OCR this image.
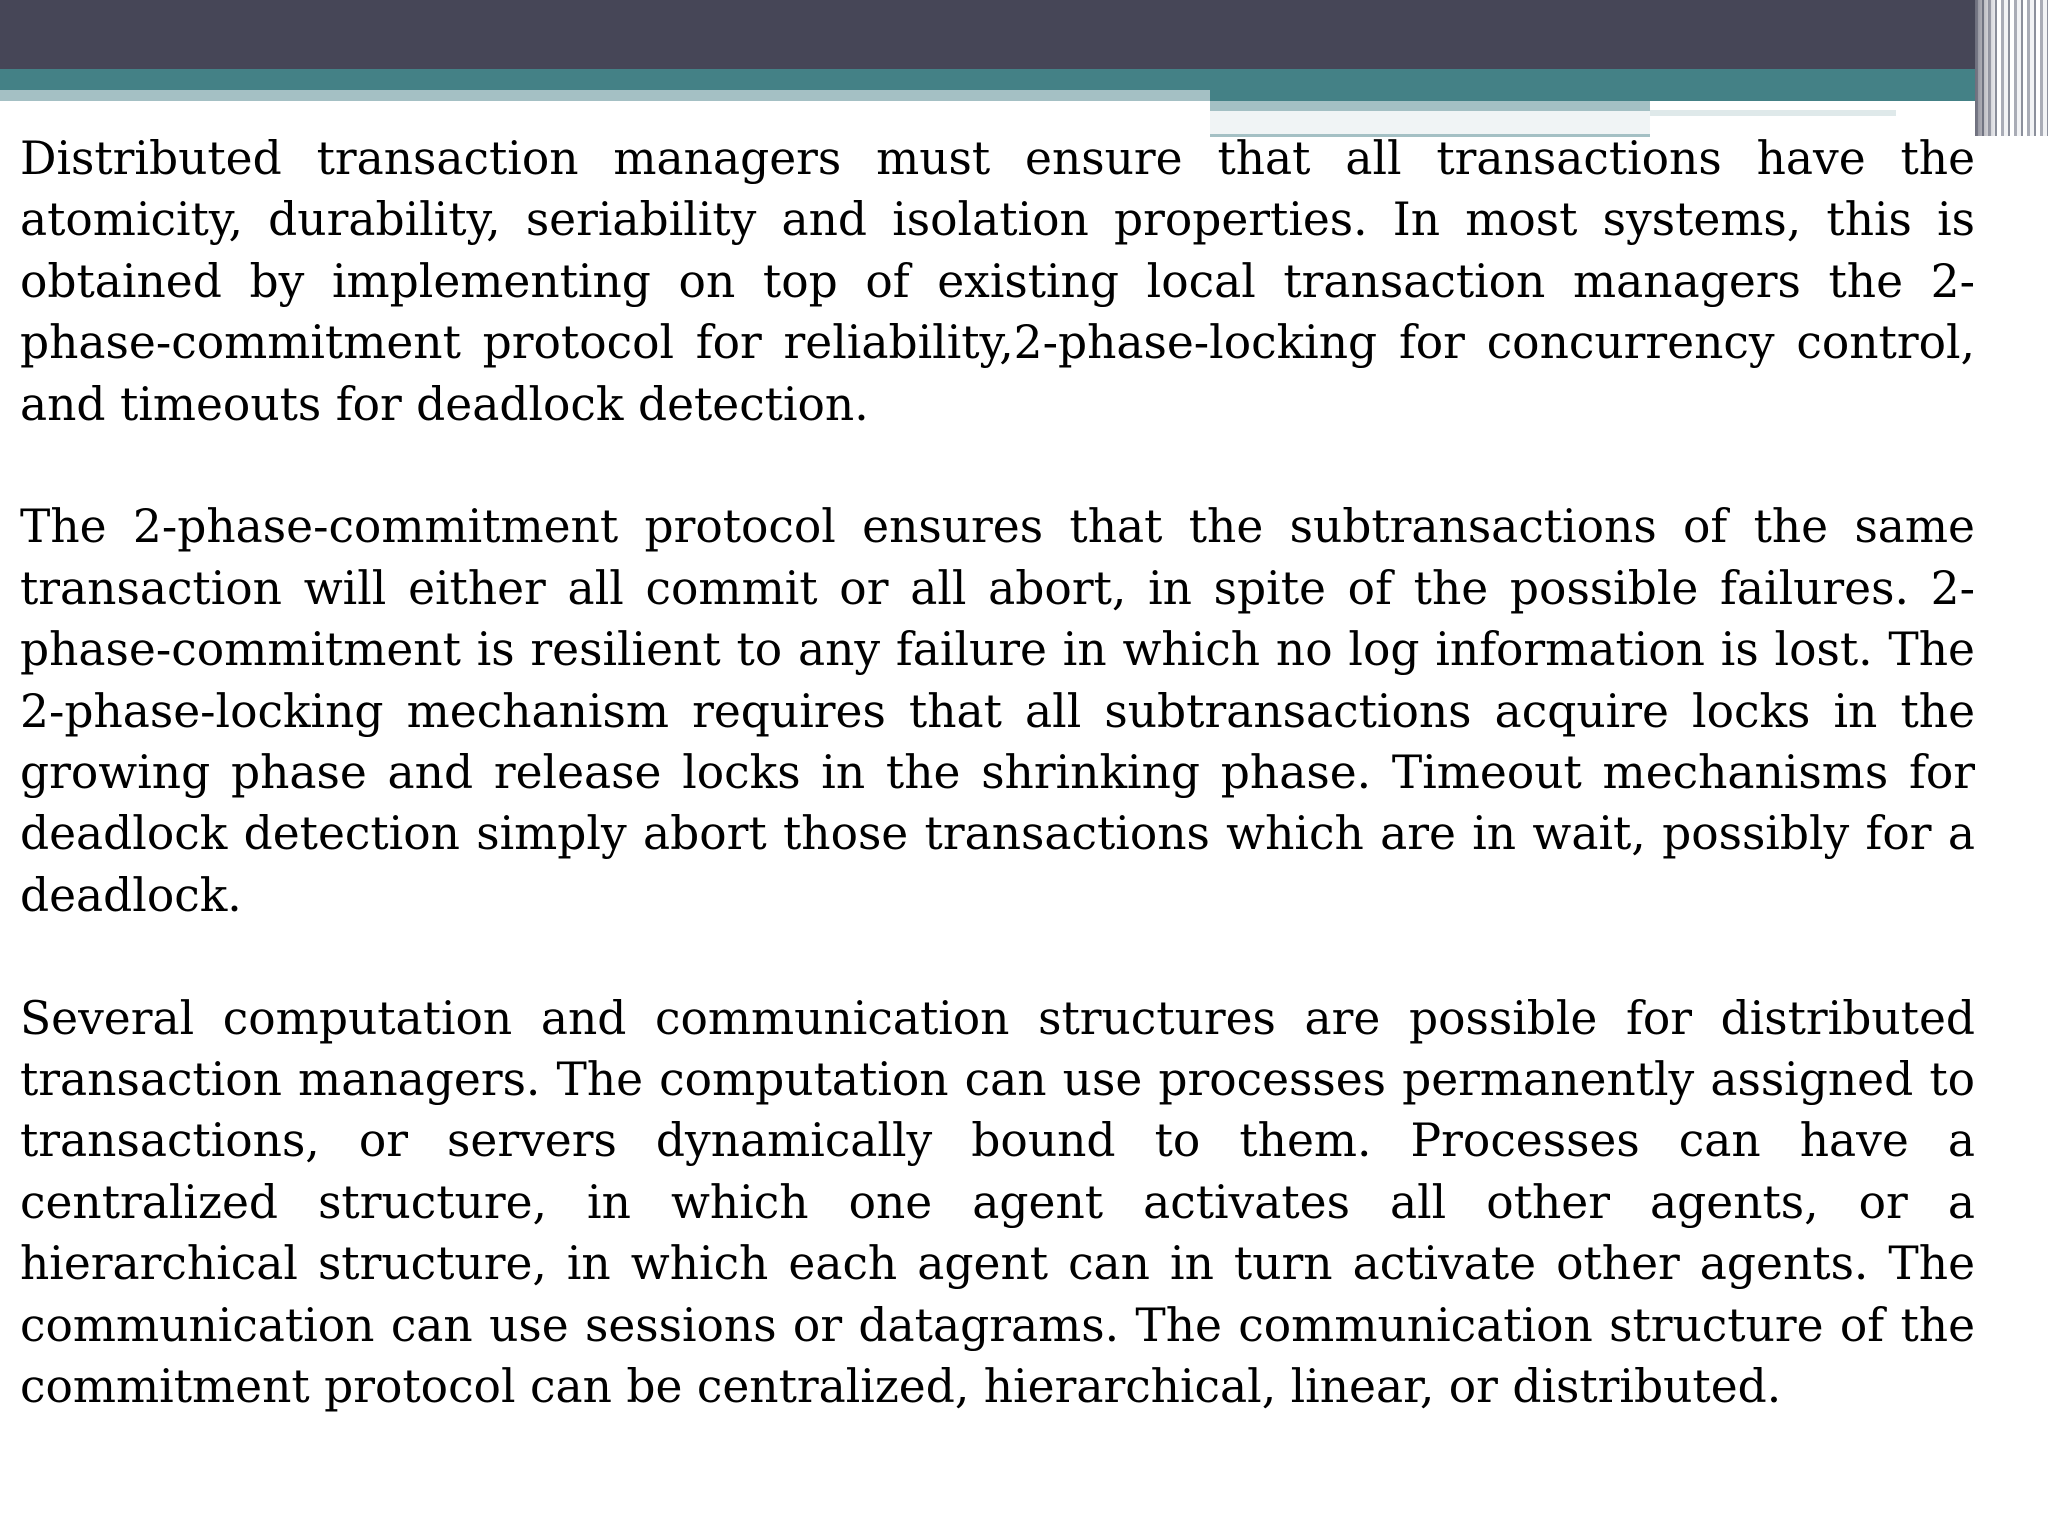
Distributed transaction managers must ensure that all transactions have the atomicity, durability, seriability and isolation properties. In most systems, this is obtained by implementing on top of existing local transaction managers the 2-phase-commitment protocol for reliability,2-phase-locking for concurrency control, and timeouts for deadlock detection.

The 2-phase-commitment protocol ensures that the subtransactions of the same transaction will either all commit or all abort, in spite of the possible failures. 2-phase-commitment is resilient to any failure in which no log information is lost. The 2-phase-locking mechanism requires that all subtransactions acquire locks in the growing phase and release locks in the shrinking phase. Timeout mechanisms for deadlock detection simply abort those transactions which are in wait, possibly for a deadlock.

Several computation and communication structures are possible for distributed transaction managers. The computation can use processes permanently assigned to transactions, or servers dynamically bound to them. Processes can have a centralized structure, in which one agent activates all other agents, or a hierarchical structure, in which each agent can in turn activate other agents. The communication can use sessions or datagrams. The communication structure of the commitment protocol can be centralized, hierarchical, linear, or distributed.
